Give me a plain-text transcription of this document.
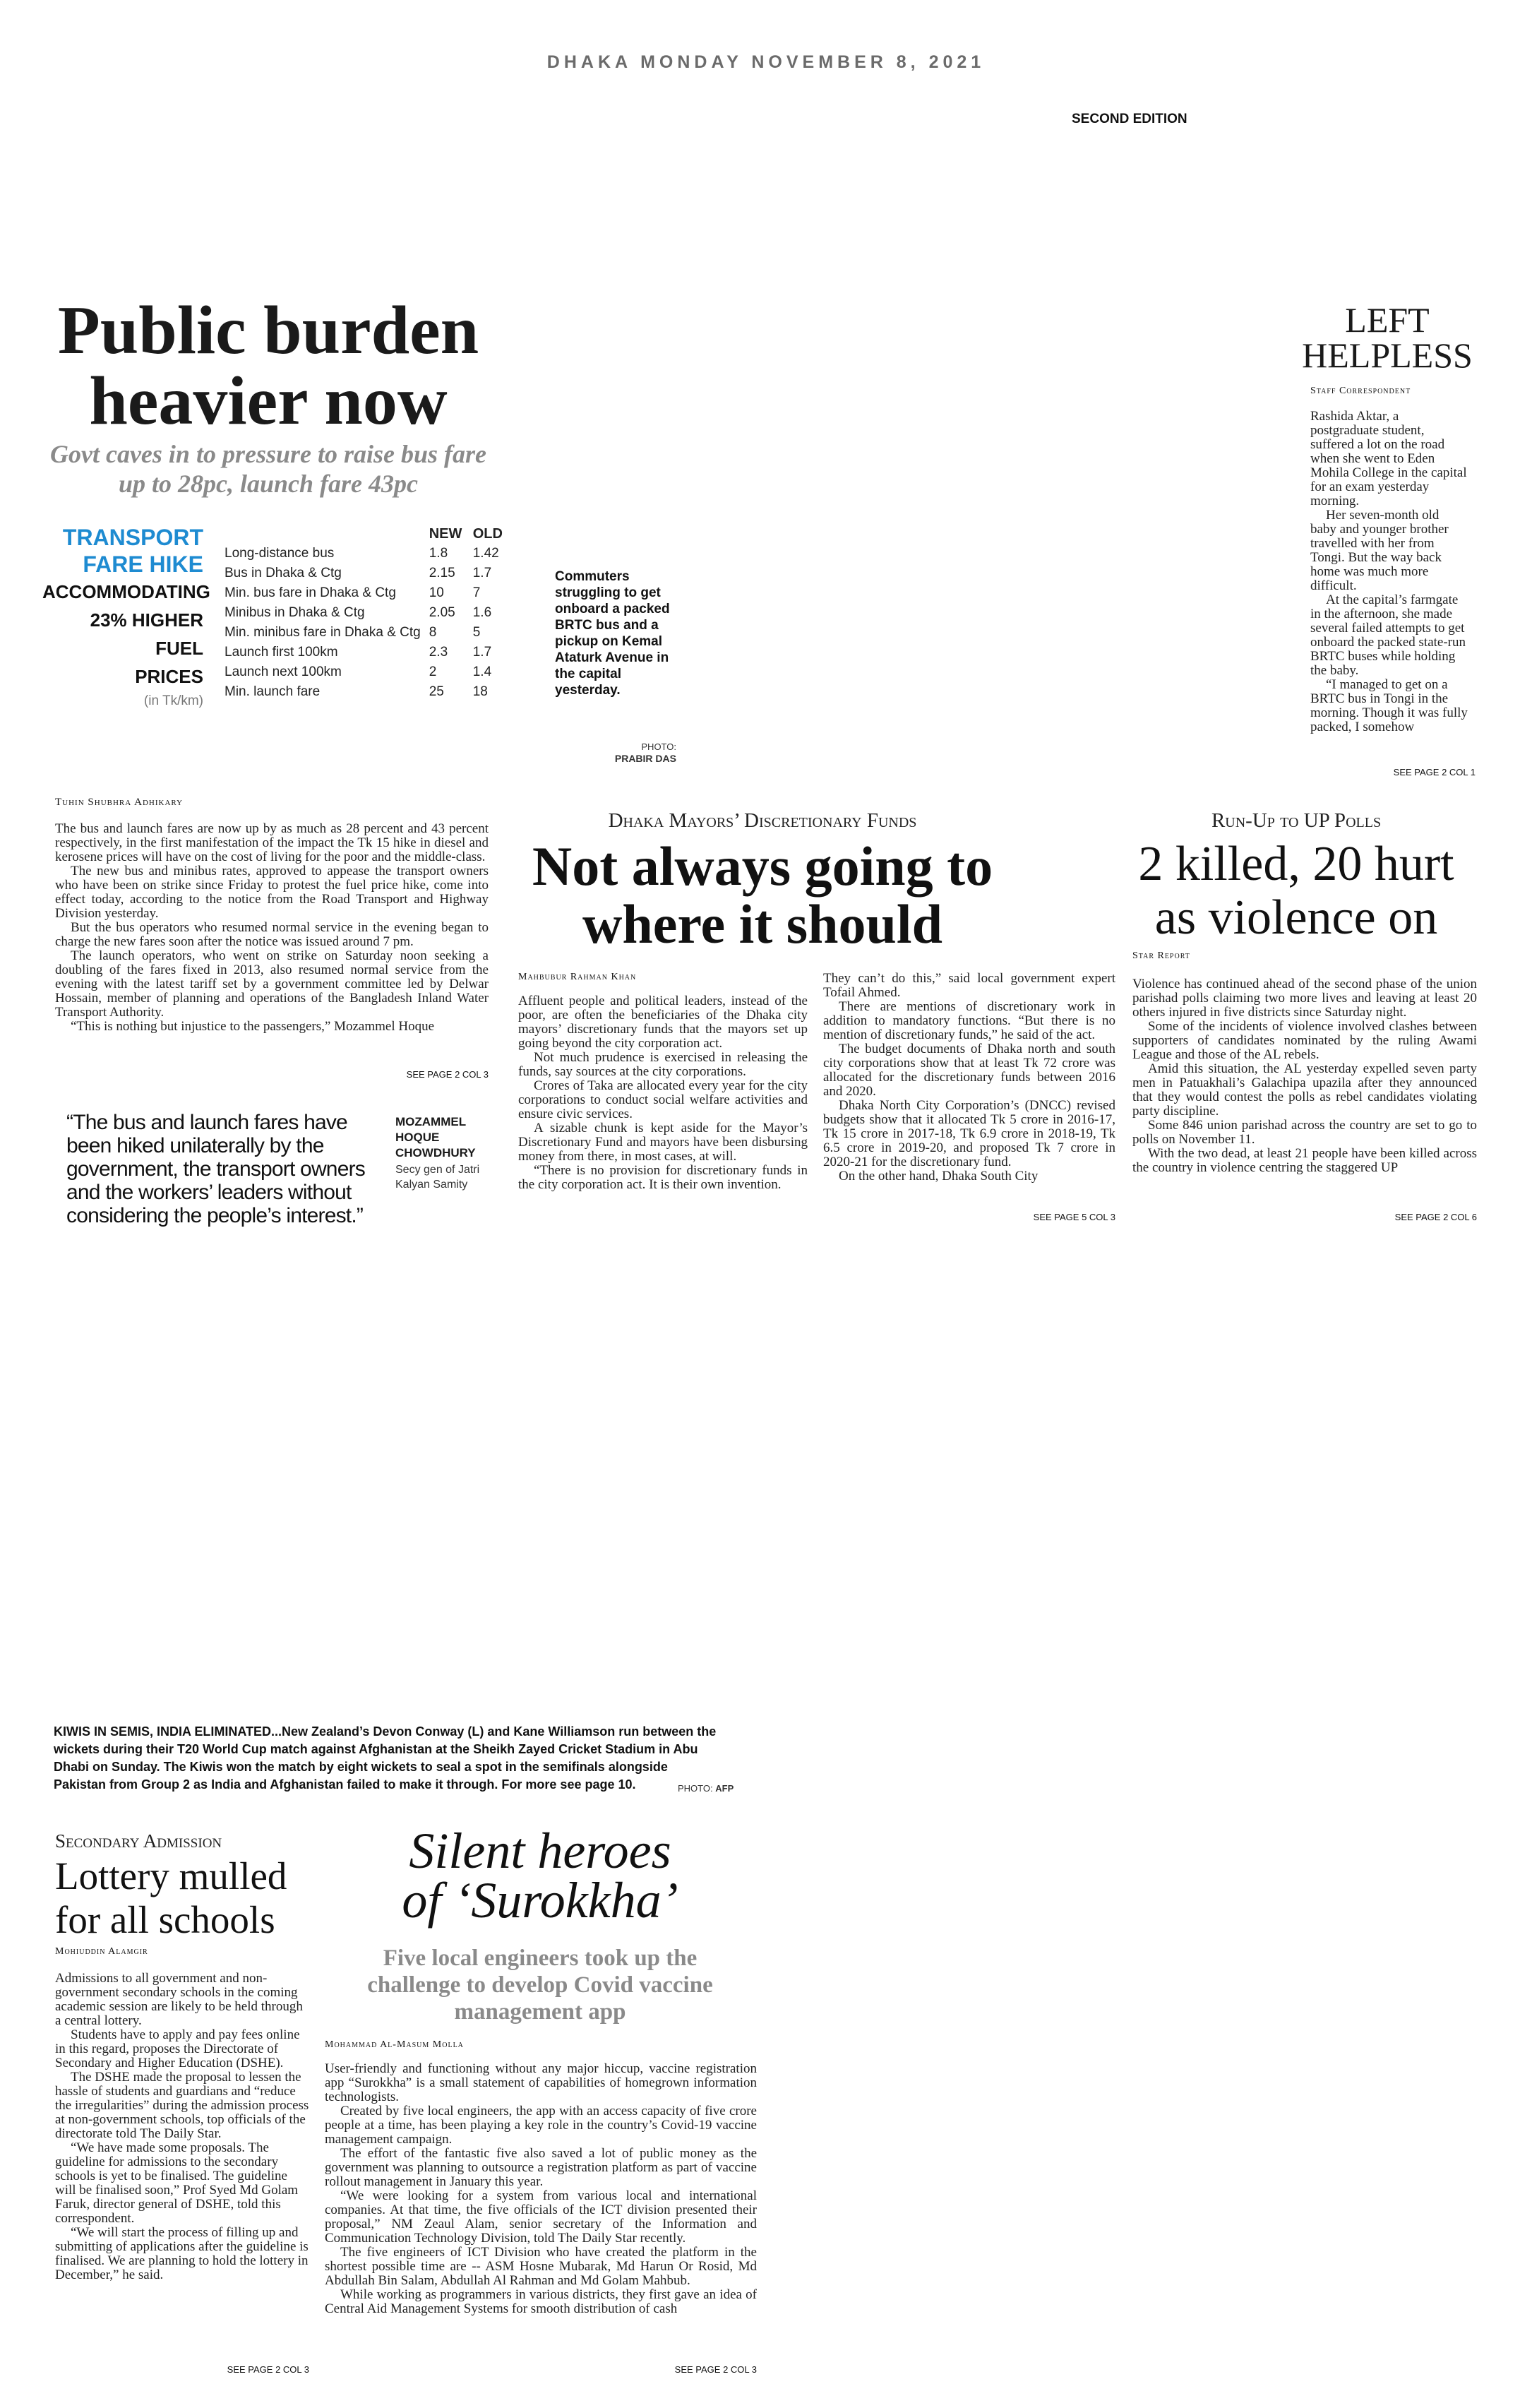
DHAKA MONDAY NOVEMBER 8, 2021
SECOND EDITION
Public burden
heavier now
Govt caves in to pressure to raise bus fare up to 28pc, launch fare 43pc
TRANSPORT
FARE HIKE
ACCOMMODATING
23% HIGHER FUEL
PRICES
(in Tk/km)
	NEW	OLD
Long-distance bus	1.8	1.42
Bus in Dhaka & Ctg	2.15	1.7
Min. bus fare in Dhaka & Ctg	10	7
Minibus in Dhaka & Ctg	2.05	1.6
Min. minibus fare in Dhaka & Ctg	8	5
Launch first 100km	2.3	1.7
Launch next 100km	2	1.4
Min. launch fare	25	18
Commuters struggling to get onboard a packed BRTC bus and a pickup on Kemal Ataturk Avenue in the capital yesterday.
PHOTO:
PRABIR DAS
Tuhin Shubhra Adhikary

The bus and launch fares are now up by as much as 28 percent and 43 percent respectively, in the first manifestation of the impact the Tk 15 hike in diesel and kerosene prices will have on the cost of living for the poor and the middle-class.

The new bus and minibus rates, approved to appease the transport owners who have been on strike since Friday to protest the fuel price hike, come into effect today, according to the notice from the Road Transport and Highway Division yesterday.

But the bus operators who resumed normal service in the evening began to charge the new fares soon after the notice was issued around 7 pm.

The launch operators, who went on strike on Saturday noon seeking a doubling of the fares fixed in 2013, also resumed normal service from the evening with the latest tariff set by a government committee led by Delwar Hossain, member of planning and operations of the Bangladesh Inland Water Transport Authority.

“This is nothing but injustice to the passengers,” Mozammel Hoque

SEE PAGE 2 COL 3
“The bus and launch fares have been hiked unilaterally by the government, the transport owners and the workers’ leaders without considering the people’s interest.”
MOZAMMEL HOQUE CHOWDHURY
Secy gen of Jatri Kalyan Samity
LEFT
HELPLESS
Staff Correspondent

Rashida Aktar, a postgraduate student, suffered a lot on the road when she went to Eden Mohila College in the capital for an exam yesterday morning.

Her seven-month old baby and younger brother travelled with her from Tongi. But the way back home was much more difficult.

At the capital’s farmgate in the afternoon, she made several failed attempts to get onboard the packed state-run BRTC buses while holding the baby.

“I managed to get on a BRTC bus in Tongi in the morning. Though it was fully packed, I somehow

SEE PAGE 2 COL 1
Dhaka Mayors’ Discretionary Funds
Not always going to
where it should
Mahbubur Rahman Khan

Affluent people and political leaders, instead of the poor, are often the beneficiaries of the Dhaka city mayors’ discretionary funds that the mayors set up going beyond the city corporation act.

Not much prudence is exercised in releasing the funds, say sources at the city corporations.

Crores of Taka are allocated every year for the city corporations to conduct social welfare activities and ensure civic services.

A sizable chunk is kept aside for the Mayor’s Discretionary Fund and mayors have been disbursing money from there, in most cases, at will.

“There is no provision for discretionary funds in the city corporation act. It is their own invention.

They can’t do this,” said local government expert Tofail Ahmed.

There are mentions of discretionary work in addition to mandatory functions. “But there is no mention of discretionary funds,” he said of the act.

The budget documents of Dhaka north and south city corporations show that at least Tk 72 crore was allocated for the discretionary funds between 2016 and 2020.

Dhaka North City Corporation’s (DNCC) revised budgets show that it allocated Tk 5 crore in 2016-17, Tk 15 crore in 2017-18, Tk 6.9 crore in 2018-19, Tk 6.5 crore in 2019-20, and proposed Tk 7 crore in 2020-21 for the discretionary fund.

On the other hand, Dhaka South City

SEE PAGE 5 COL 3
Run-Up to UP Polls
2 killed, 20 hurt
as violence on
Star Report

Violence has continued ahead of the second phase of the union parishad polls claiming two more lives and leaving at least 20 others injured in five districts since Saturday night.

Some of the incidents of violence involved clashes between supporters of candidates nominated by the ruling Awami League and those of the AL rebels.

Amid this situation, the AL yesterday expelled seven party men in Patuakhali’s Galachipa upazila after they announced that they would contest the polls as rebel candidates violating party discipline.

Some 846 union parishad across the country are set to go to polls on November 11.

With the two dead, at least 21 people have been killed across the country in violence centring the staggered UP

SEE PAGE 2 COL 6
KIWIS IN SEMIS, INDIA ELIMINATED...New Zealand’s Devon Conway (L) and Kane Williamson run between the wickets during their T20 World Cup match against Afghanistan at the Sheikh Zayed Cricket Stadium in Abu Dhabi on Sunday. The Kiwis won the match by eight wickets to seal a spot in the semifinals alongside Pakistan from Group 2 as India and Afghanistan failed to make it through. For more see page 10.	PHOTO: AFP
Secondary Admission
Lottery mulled
for all schools
Mohiuddin Alamgir

Admissions to all government and non-government secondary schools in the coming academic session are likely to be held through a central lottery.

Students have to apply and pay fees online in this regard, proposes the Directorate of Secondary and Higher Education (DSHE).

The DSHE made the proposal to lessen the hassle of students and guardians and “reduce the irregularities” during the admission process at non-government schools, top officials of the directorate told The Daily Star.

“We have made some proposals. The guideline for admissions to the secondary schools is yet to be finalised. The guideline will be finalised soon,” Prof Syed Md Golam Faruk, director general of DSHE, told this correspondent.

“We will start the process of filling up and submitting of applications after the guideline is finalised. We are planning to hold the lottery in December,” he said.

SEE PAGE 2 COL 3
Silent heroes
of ‘Surokkha’
Five local engineers took up the challenge to develop Covid vaccine management app
Mohammad Al-Masum Molla

User-friendly and functioning without any major hiccup, vaccine registration app “Surokkha” is a small statement of capabilities of homegrown information technologists.

Created by five local engineers, the app with an access capacity of five crore people at a time, has been playing a key role in the country’s Covid-19 vaccine management campaign.

The effort of the fantastic five also saved a lot of public money as the government was planning to outsource a registration platform as part of vaccine rollout management in January this year.

“We were looking for a system from various local and international companies. At that time, the five officials of the ICT division presented their proposal,” NM Zeaul Alam, senior secretary of the Information and Communication Technology Division, told The Daily Star recently.

The five engineers of ICT Division who have created the platform in the shortest possible time are -- ASM Hosne Mubarak, Md Harun Or Rosid, Md Abdullah Bin Salam, Abdullah Al Rahman and Md Golam Mahbub.

While working as programmers in various districts, they first gave an idea of Central Aid Management Systems for smooth distribution of cash

SEE PAGE 2 COL 3
